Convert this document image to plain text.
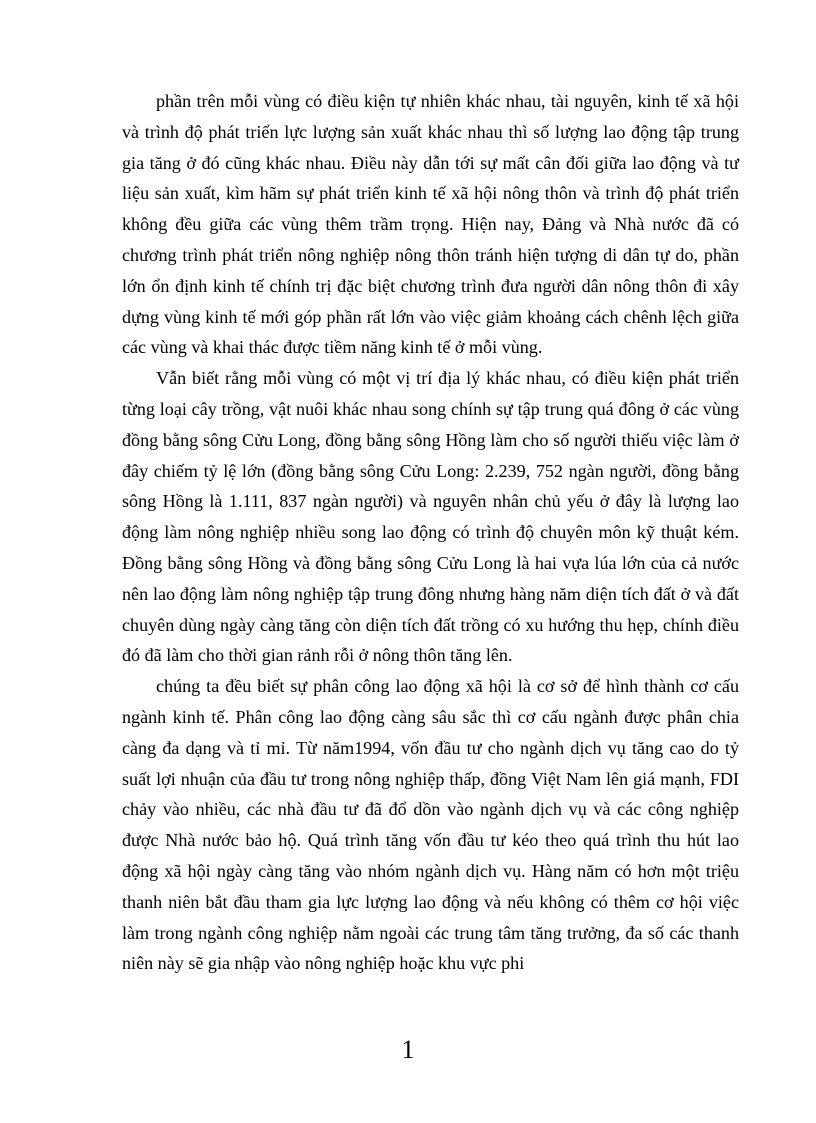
phần trên mỗi vùng có điều kiện tự nhiên khác nhau, tài nguyên, kinh tế xã hội và trình độ phát triển lực lượng sản xuất khác nhau thì số lượng lao động tập trung gia tăng ở đó cũng khác nhau. Điều này dẫn tới sự mất cân đối giữa lao động và tư liệu sản xuất, kìm hãm sự phát triển kinh tế xã hội nông thôn và trình độ phát triển không đều giữa các vùng thêm trầm trọng. Hiện nay, Đảng và Nhà nước đã có chương trình phát triển nông nghiệp nông thôn tránh hiện tượng di dân tự do, phần lớn ổn định kinh tế chính trị đặc biệt chương trình đưa người dân nông thôn đi xây dựng vùng kinh tế mới góp phần rất lớn vào việc giảm khoảng cách chênh lệch giữa các vùng và khai thác được tiềm năng kinh tế ở mỗi vùng.

Vẫn biết rằng mỗi vùng có một vị trí địa lý khác nhau, có điều kiện phát triển từng loại cây trồng, vật nuôi khác nhau song chính sự tập trung quá đông ở các vùng đồng bằng sông Cửu Long, đồng bằng sông Hồng làm cho số người thiếu việc làm ở đây chiếm tỷ lệ lớn (đồng bằng sông Cửu Long: 2.239, 752 ngàn người, đồng bằng sông Hồng là 1.111, 837 ngàn người) và nguyên nhân chủ yếu ở đây là lượng lao động làm nông nghiệp nhiều song lao động có trình độ chuyên môn kỹ thuật kém. Đồng bằng sông Hồng và đồng bằng sông Cửu Long là hai vựa lúa lớn của cả nước nên lao động làm nông nghiệp tập trung đông nhưng hàng năm diện tích đất ở và đất chuyên dùng ngày càng tăng còn diện tích đất trồng có xu hướng thu hẹp, chính điều đó đã làm cho thời gian rảnh rỗi ở nông thôn tăng lên.

chúng ta đều biết sự phân công lao động xã hội là cơ sở để hình thành cơ cấu ngành kinh tế. Phân công lao động càng sâu sắc thì cơ cấu ngành được phân chia càng đa dạng và tỉ mỉ. Từ năm1994, vốn đầu tư cho ngành dịch vụ tăng cao do tỷ suất lợi nhuận của đầu tư trong nông nghiệp thấp, đồng Việt Nam lên giá mạnh, FDI chảy vào nhiều, các nhà đầu tư đã đổ dồn vào ngành dịch vụ và các công nghiệp được Nhà nước bảo hộ. Quá trình tăng vốn đầu tư kéo theo quá trình thu hút lao động xã hội ngày càng tăng vào nhóm ngành dịch vụ. Hàng năm có hơn một triệu thanh niên bắt đầu tham gia lực lượng lao động và nếu không có thêm cơ hội việc làm trong ngành công nghiệp nằm ngoài các trung tâm tăng trưởng, đa số các thanh niên này sẽ gia nhập vào nông nghiệp hoặc khu vực phi

1
